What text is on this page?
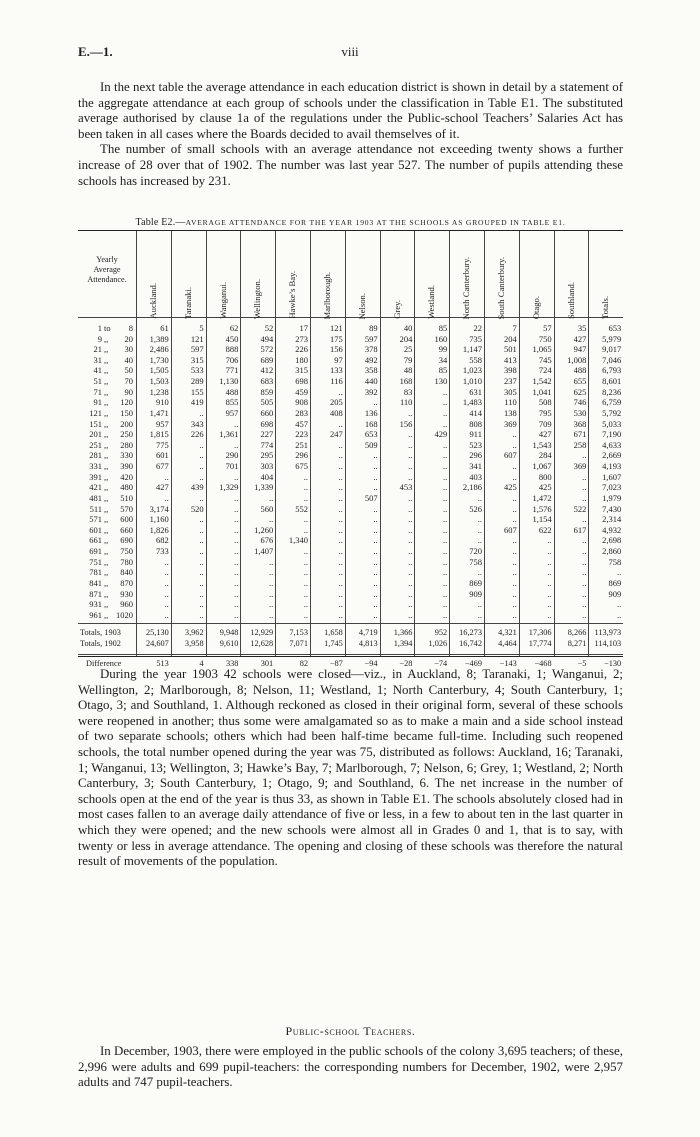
E.—1.	viii
In the next table the average attendance in each education district is shown in detail by a statement of the aggregate attendance at each group of schools under the classification in Table E1. The substituted average authorised by clause 1a of the regulations under the Public-school Teachers’ Salaries Act has been taken in all cases where the Boards decided to avail themselves of it.
The number of small schools with an average attendance not exceeding twenty shows a further increase of 28 over that of 1902. The number was last year 527. The number of pupils attending these schools has increased by 231.
Table E2.—AVERAGE ATTENDANCE FOR THE YEAR 1903 AT THE SCHOOLS AS GROUPED IN TABLE E1.
Yearly
Average
Attendance.
Auckland.	Taranaki.	Wanganui.	Wellington.	Hawke’s Bay.	Marlborough.	Nelson.	Grey.	Westland.	North Canterbury.	South Canterbury.	Otago.	Southland.	Totals.
1 to 8	61	5	62	52	17	121	89	40	85	22	7	57	35	653
9 ,, 20	1,389	121	450	494	273	175	597	204	160	735	204	750	427	5,979
21 ,, 30	2,486	597	888	572	226	156	378	25	99	1,147	501	1,065	947	9,017
31 ,, 40	1,730	315	706	689	180	97	492	79	34	558	413	745	1,008	7,046
41 ,, 50	1,505	533	771	412	315	133	358	48	85	1,023	398	724	488	6,793
51 ,, 70	1,503	289	1,130	683	698	116	440	168	130	1,010	237	1,542	655	8,601
71 ,, 90	1,238	155	488	859	459	..	392	83	..	631	305	1,041	625	8,236
91 ,, 120	910	419	855	505	908	205	..	110	..	1,483	110	508	746	6,759
121 ,, 150	1,471	..	957	660	283	408	136	..	..	414	138	795	530	5,792
151 ,, 200	957	343	..	698	457	..	168	156	..	808	369	709	368	5,033
201 ,, 250	1,815	226	1,361	227	223	247	653	..	429	911	..	427	671	7,190
251 ,, 280	775	..	..	774	251	..	509	..	..	523	..	1,543	258	4,633
281 ,, 330	601	..	290	295	296	..	..	..	..	296	607	284	..	2,669
331 ,, 390	677	..	701	303	675	..	..	..	..	341	..	1,067	369	4,193
391 ,, 420	..	..	..	404	..	..	..	..	..	403	..	800	..	1,607
421 ,, 480	427	439	1,329	1,339	..	..	..	453	..	2,186	425	425	..	7,023
481 ,, 510	..	..	..	..	..	..	507	..	..	..	..	1,472	..	1,979
511 ,, 570	3,174	520	..	560	552	..	..	..	..	526	..	1,576	522	7,430
571 ,, 600	1,160	..	..	..	..	..	..	..	..	..	..	1,154	..	2,314
601 ,, 660	1,826	..	..	1,260	..	..	..	..	..	..	607	622	617	4,932
661 ,, 690	682	..	..	676	1,340	..	..	..	..	..	..	..	..	2,698
691 ,, 750	733	..	..	1,407	..	..	..	..	..	720	..	..	..	2,860
751 ,, 780	..	..	..	..	..	..	..	..	..	758	..	..	..	758
781 ,, 840	..	..	..	..	..	..	..	..	..	..	..	..	..	..
841 ,, 870	..	..	..	..	..	..	..	..	..	869	..	..	..	869
871 ,, 930	..	..	..	..	..	..	..	..	..	909	..	..	..	909
931 ,, 960	..	..	..	..	..	..	..	..	..	..	..	..	..	..
961 ,, 1020	..	..	..	..	..	..	..	..	..	..	..	..	..	..
Totals, 1903	25,130	3,962	9,948	12,929	7,153	1,658	4,719	1,366	952	16,273	4,321	17,306	8,266 113,973
Totals, 1902	24,607	3,958	9,610	12,628	7,071	1,745	4,813	1,394	1,026	16,742	4,464	17,774	8,271 114,103
Difference	513	4	338	301	82	−87	−94	−28	−74	−469	−143	−468	−5	−130
During the year 1903 42 schools were closed—viz., in Auckland, 8; Taranaki, 1; Wanganui, 2; Wellington, 2; Marlborough, 8; Nelson, 11; Westland, 1; North Canterbury, 4; South Canterbury, 1; Otago, 3; and Southland, 1. Although reckoned as closed in their original form, several of these schools were reopened in another; thus some were amalgamated so as to make a main and a side school instead of two separate schools; others which had been half-time became full-time. Including such reopened schools, the total number opened during the year was 75, distributed as follows: Auckland, 16; Taranaki, 1; Wanganui, 13; Wellington, 3; Hawke’s Bay, 7; Marlborough, 7; Nelson, 6; Grey, 1; Westland, 2; North Canterbury, 3; South Canterbury, 1; Otago, 9; and Southland, 6. The net increase in the number of schools open at the end of the year is thus 33, as shown in Table E1. The schools absolutely closed had in most cases fallen to an average daily attendance of five or less, in a few to about ten in the last quarter in which they were opened; and the new schools were almost all in Grades 0 and 1, that is to say, with twenty or less in average attendance. The opening and closing of these schools was therefore the natural result of movements of the population.
Public-school Teachers.
In December, 1903, there were employed in the public schools of the colony 3,695 teachers; of these, 2,996 were adults and 699 pupil-teachers: the corresponding numbers for December, 1902, were 2,957 adults and 747 pupil-teachers.
